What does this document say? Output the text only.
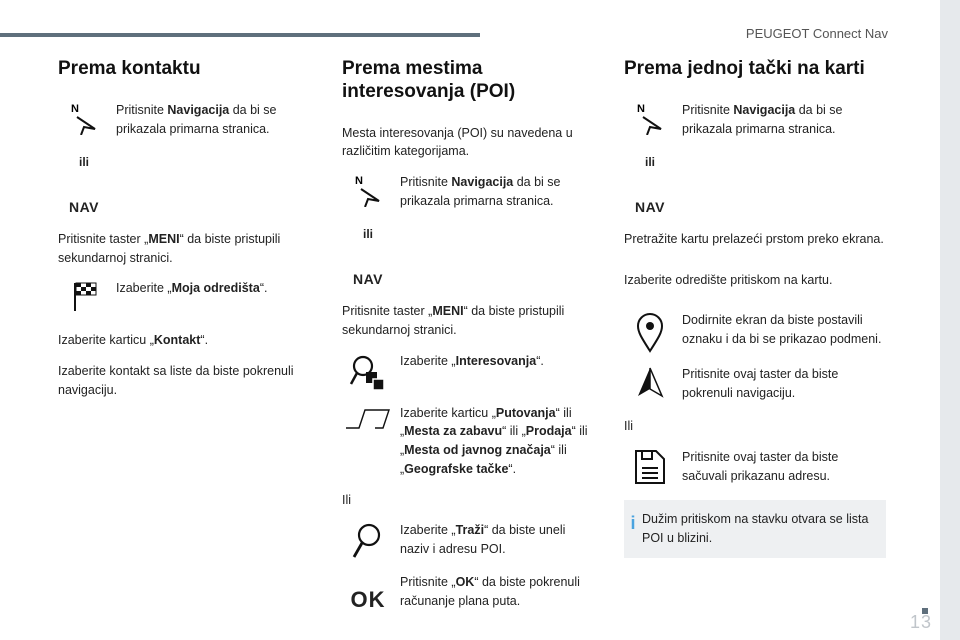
PEUGEOT Connect Nav
13
Prema kontaktu
N
ili
NAV
Pritisnite Navigacija da bi se prikazala primarna stranica.

Pritisnite taster „MENI“ da biste pristupili sekundarnoj stranici.

Izaberite „Moja odredišta“.

Izaberite karticu „Kontakt“.

Izaberite kontakt sa liste da biste pokrenuli navigaciju.

Prema mestima interesovanja (POI)

Mesta interesovanja (POI) su navedena u različitim kategorijama.

N
ili
NAV
Pritisnite Navigacija da bi se prikazala primarna stranica.

Pritisnite taster „MENI“ da biste pristupili sekundarnoj stranici.

Izaberite „Interesovanja“.
Izaberite karticu „Putovanja“ ili „Mesta za zabavu“ ili „Prodaja“ ili „Mesta od javnog značaja“ ili „Geografske tačke“.

Ili

Izaberite „Traži“ da biste uneli naziv i adresu POI.
OK
Pritisnite „OK“ da biste pokrenuli računanje plana puta.
Prema jednoj tački na karti
N
ili
NAV
Pritisnite Navigacija da bi se prikazala primarna stranica.

Pretražite kartu prelazeći prstom preko ekrana.

Izaberite odredište pritiskom na kartu.

Dodirnite ekran da biste postavili oznaku i da bi se prikazao podmeni.
Pritisnite ovaj taster da biste pokrenuli navigaciju.

Ili

Pritisnite ovaj taster da biste sačuvali prikazanu adresu.
i Dužim pritiskom na stavku otvara se lista POI u blizini.
